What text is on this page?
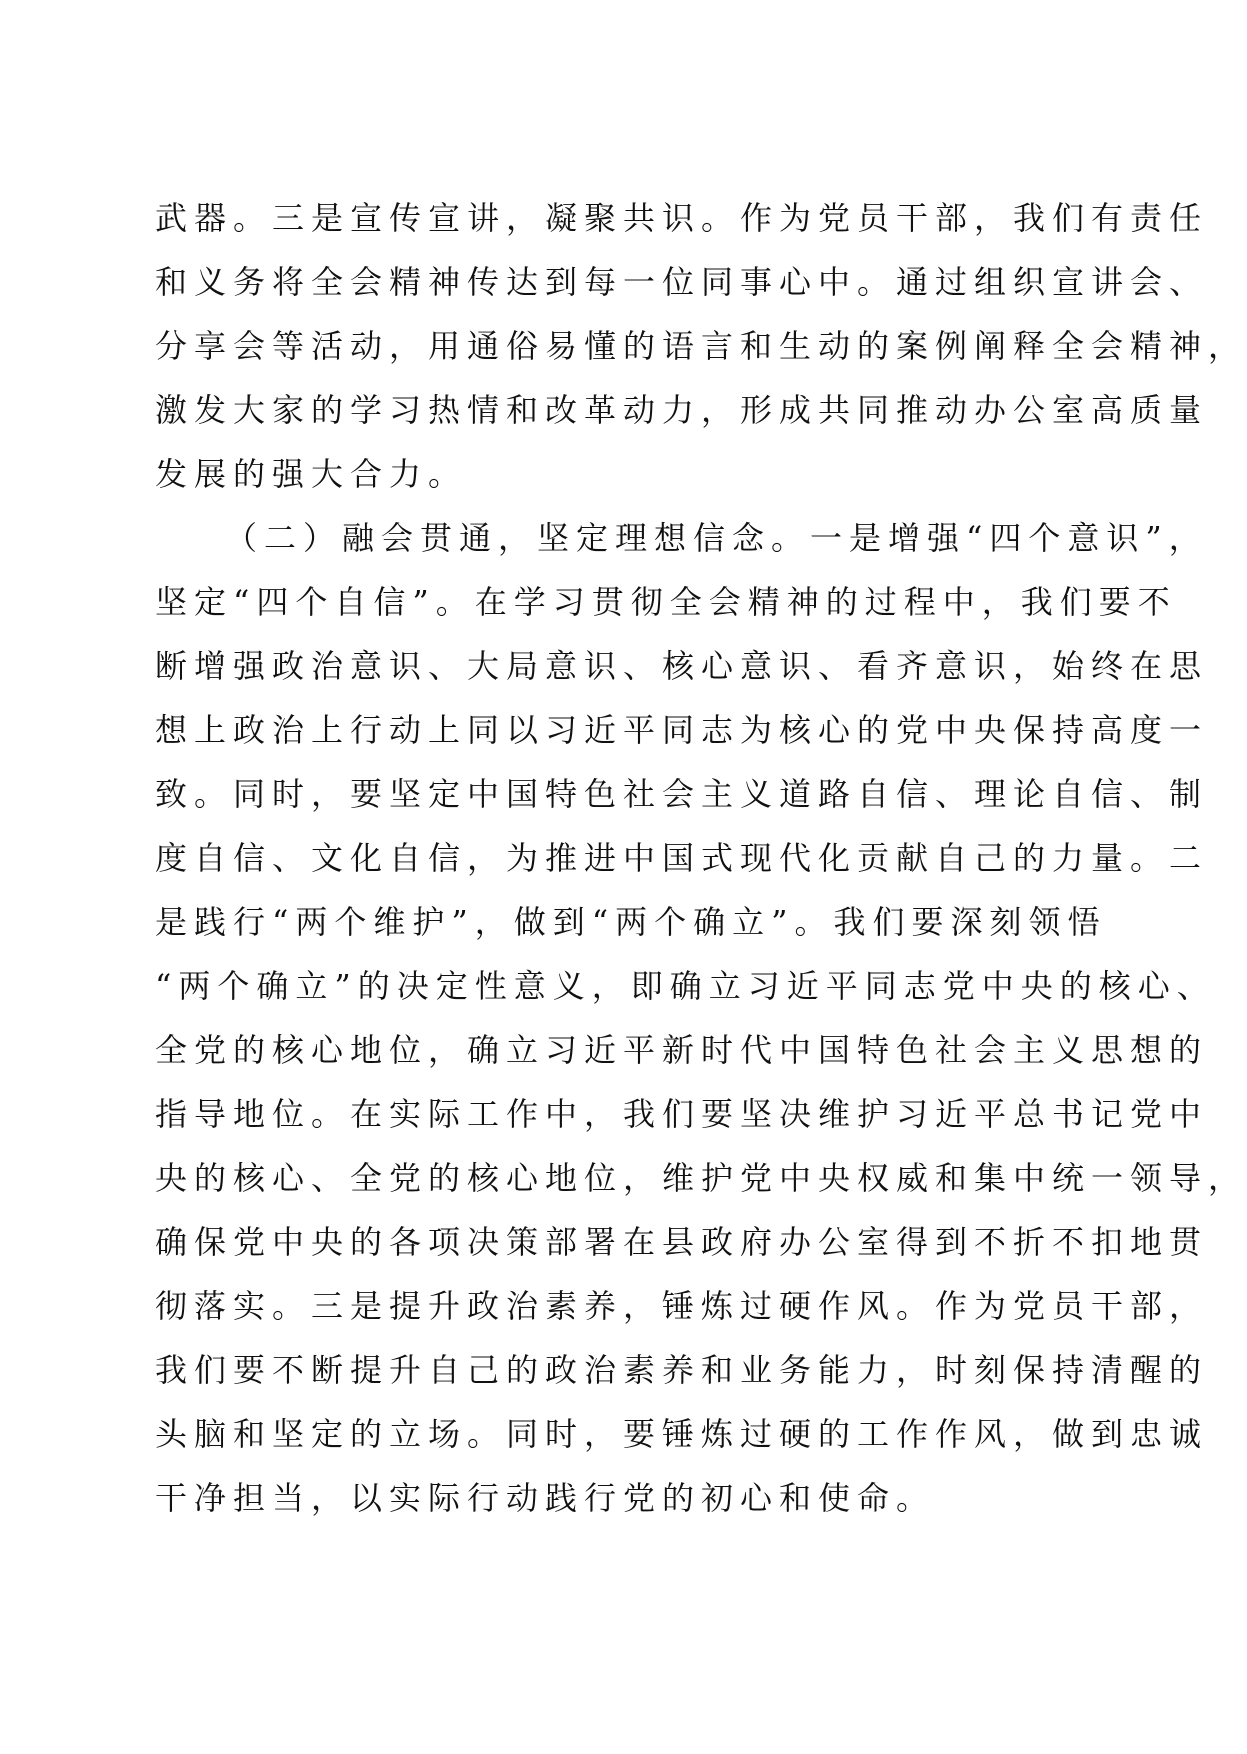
武器。三是宣传宣讲，凝聚共识。作为党员干部，我们有责任
和义务将全会精神传达到每一位同事心中。通过组织宣讲会、
分享会等活动，用通俗易懂的语言和生动的案例阐释全会精神，
激发大家的学习热情和改革动力，形成共同推动办公室高质量
发展的强大合力。
（二）融会贯通，坚定理想信念。一是增强“四个意识”，
坚定“四个自信”。在学习贯彻全会精神的过程中，我们要不
断增强政治意识、大局意识、核心意识、看齐意识，始终在思
想上政治上行动上同以习近平同志为核心的党中央保持高度一
致。同时，要坚定中国特色社会主义道路自信、理论自信、制
度自信、文化自信，为推进中国式现代化贡献自己的力量。二
是践行“两个维护”，做到“两个确立”。我们要深刻领悟
“两个确立”的决定性意义，即确立习近平同志党中央的核心、
全党的核心地位，确立习近平新时代中国特色社会主义思想的
指导地位。在实际工作中，我们要坚决维护习近平总书记党中
央的核心、全党的核心地位，维护党中央权威和集中统一领导，
确保党中央的各项决策部署在县政府办公室得到不折不扣地贯
彻落实。三是提升政治素养，锤炼过硬作风。作为党员干部，
我们要不断提升自己的政治素养和业务能力，时刻保持清醒的
头脑和坚定的立场。同时，要锤炼过硬的工作作风，做到忠诚
干净担当，以实际行动践行党的初心和使命。
